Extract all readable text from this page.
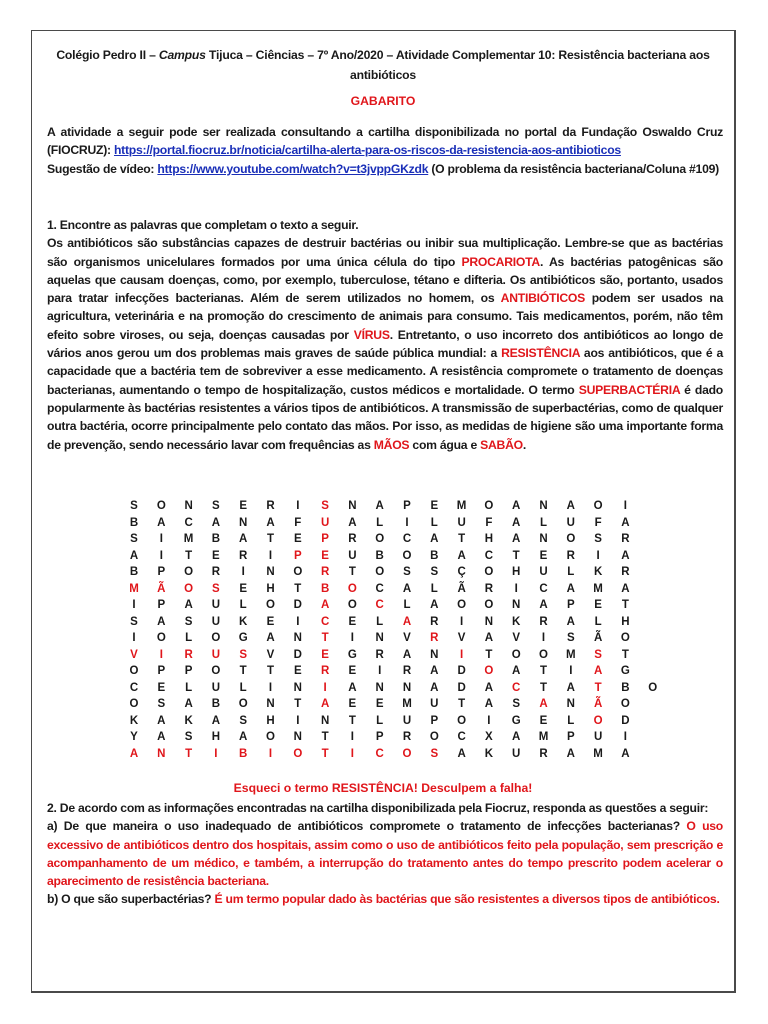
Colégio Pedro II – Campus Tijuca – Ciências – 7º Ano/2020 – Atividade Complementar 10: Resistência bacteriana aos antibióticos
GABARITO
A atividade a seguir pode ser realizada consultando a cartilha disponibilizada no portal da Fundação Oswaldo Cruz (FIOCRUZ): https://portal.fiocruz.br/noticia/cartilha-alerta-para-os-riscos-da-resistencia-aos-antibioticos
Sugestão de vídeo: https://www.youtube.com/watch?v=t3jvppGKzdk (O problema da resistência bacteriana/Coluna #109)
1. Encontre as palavras que completam o texto a seguir.
Os antibióticos são substâncias capazes de destruir bactérias ou inibir sua multiplicação. Lembre-se que as bactérias são organismos unicelulares formados por uma única célula do tipo PROCARIOTA. As bactérias patogênicas são aquelas que causam doenças, como, por exemplo, tuberculose, tétano e difteria. Os antibióticos são, portanto, usados para tratar infecções bacterianas. Além de serem utilizados no homem, os ANTIBIÓTICOS podem ser usados na agricultura, veterinária e na promoção do crescimento de animais para consumo. Tais medicamentos, porém, não têm efeito sobre viroses, ou seja, doenças causadas por VÍRUS. Entretanto, o uso incorreto dos antibióticos ao longo de vários anos gerou um dos problemas mais graves de saúde pública mundial: a RESISTÊNCIA aos antibióticos, que é a capacidade que a bactéria tem de sobreviver a esse medicamento. A resistência compromete o tratamento de doenças bacterianas, aumentando o tempo de hospitalização, custos médicos e mortalidade. O termo SUPERBACTÉRIA é dado popularmente às bactérias resistentes a vários tipos de antibióticos. A transmissão de superbactérias, como de qualquer outra bactéria, ocorre principalmente pelo contato das mãos. Por isso, as medidas de higiene são uma importante forma de prevenção, sendo necessário lavar com frequências as MÃOS com água e SABÃO.
S	O	N	S	E	R	I	S	N	A	P	E	M	O	A	N	A	O	I
B	A	C	A	N	A	F	U	A	L	I	L	U	F	A	L	U	F	A
S	I	M	B	A	T	E	P	R	O	C	A	T	H	A	N	O	S	R
A	I	T	E	R	I	P	E	U	B	O	B	A	C	T	E	R	I	A
B	P	O	R	I	N	O	R	T	O	S	S	Ç	O	H	U	L	K	R
M	Ã	O	S	E	H	T	B	O	C	A	L	Ã	R	I	C	A	M	A
I	P	A	U	L	O	D	A	O	C	L	A	O	O	N	A	P	E	T
S	A	S	U	K	E	I	C	E	L	A	R	I	N	K	R	A	L	H
I	O	L	O	G	A	N	T	I	N	V	R	V	A	V	I	S	Ã	O
V	I	R	U	S	V	D	E	G	R	A	N	I	T	O	O	M	S	T
O	P	P	O	T	T	E	R	E	I	R	A	D	O	A	T	I	A	G
C	E	L	U	L	I	N	I	A	N	N	A	D	A	C	T	A	T	B	O
O	S	A	B	O	N	T	A	E	E	M	U	T	A	S	A	N	Ã	O
K	A	K	A	S	H	I	N	T	L	U	P	O	I	G	E	L	O	D
Y	A	S	H	A	O	N	T	I	P	R	O	C	X	A	M	P	U	I
A	N	T	I	B	I	O	T	I	C	O	S	A	K	U	R	A	M	A
Esqueci o termo RESISTÊNCIA! Desculpem a falha!
2. De acordo com as informações encontradas na cartilha disponibilizada pela Fiocruz, responda as questões a seguir:
a) De que maneira o uso inadequado de antibióticos compromete o tratamento de infecções bacterianas? O uso excessivo de antibióticos dentro dos hospitais, assim como o uso de antibióticos feito pela população, sem prescrição e acompanhamento de um médico, e também, a interrupção do tratamento antes do tempo prescrito podem acelerar o aparecimento de resistência bacteriana.
b) O que são superbactérias? É um termo popular dado às bactérias que são resistentes a diversos tipos de antibióticos.
